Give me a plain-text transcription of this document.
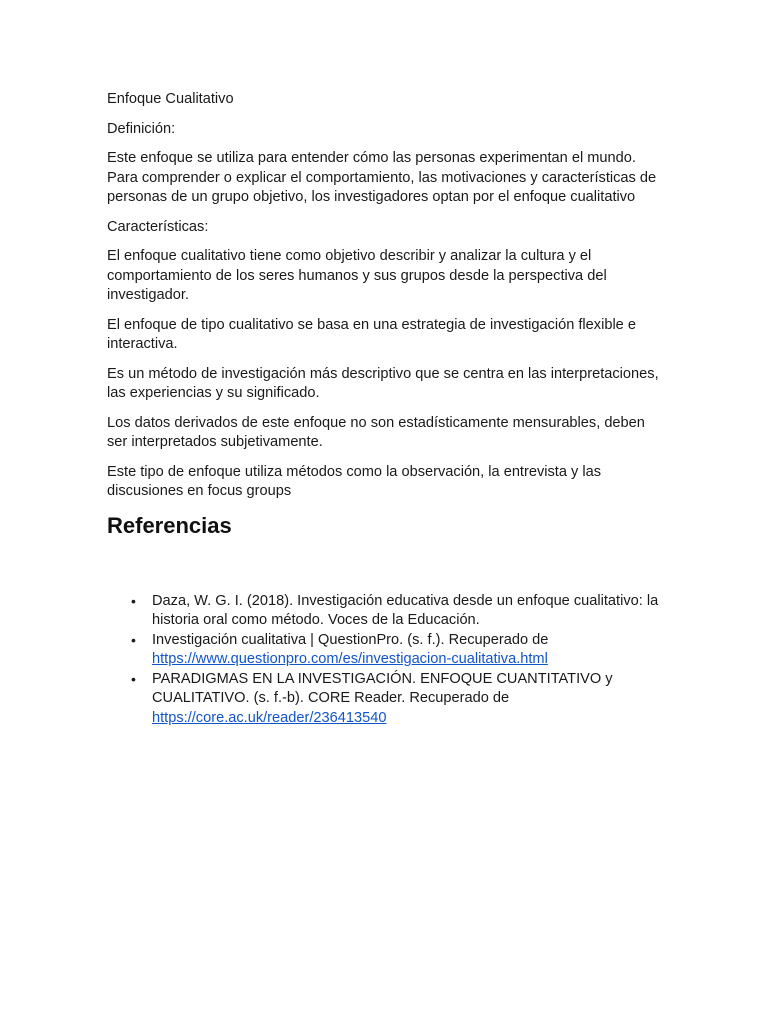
Enfoque Cualitativo

Definición:

Este enfoque se utiliza para entender cómo las personas experimentan el mundo. Para comprender o explicar el comportamiento, las motivaciones y características de personas de un grupo objetivo, los investigadores optan por el enfoque cualitativo

Características:

El enfoque cualitativo tiene como objetivo describir y analizar la cultura y el comportamiento de los seres humanos y sus grupos desde la perspectiva del investigador.

El enfoque de tipo cualitativo se basa en una estrategia de investigación flexible e interactiva.

Es un método de investigación más descriptivo que se centra en las interpretaciones, las experiencias y su significado.

Los datos derivados de este enfoque no son estadísticamente mensurables, deben ser interpretados subjetivamente.

Este tipo de enfoque utiliza métodos como la observación, la entrevista y las discusiones en focus groups

Referencias
• Daza, W. G. I. (2018). Investigación educativa desde un enfoque cualitativo: la historia oral como método. Voces de la Educación.
• Investigación cualitativa | QuestionPro. (s. f.). Recuperado de https://www.questionpro.com/es/investigacion-cualitativa.html
• PARADIGMAS EN LA INVESTIGACIÓN. ENFOQUE CUANTITATIVO y CUALITATIVO. (s. f.-b). CORE Reader. Recuperado de https://core.ac.uk/reader/236413540
